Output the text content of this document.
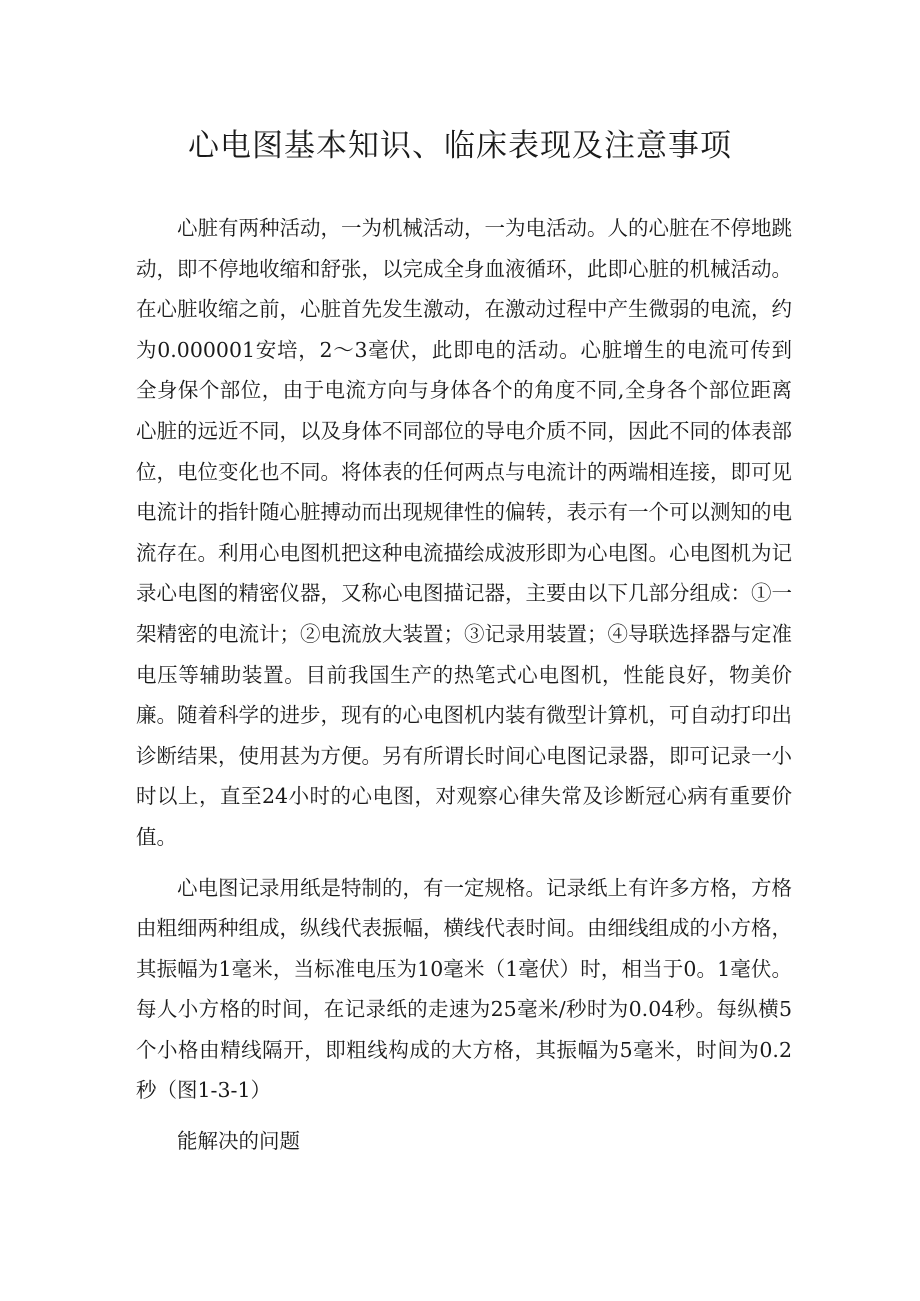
心电图基本知识、临床表现及注意事项

心脏有两种活动，一为机械活动，一为电活动。人的心脏在不停地跳动，即不停地收缩和舒张，以完成全身血液循环，此即心脏的机械活动。在心脏收缩之前，心脏首先发生激动，在激动过程中产生微弱的电流，约为0.000001安培，2〜3毫伏，此即电的活动。心脏增生的电流可传到全身保个部位，由于电流方向与身体各个的角度不同,全身各个部位距离心脏的远近不同，以及身体不同部位的导电介质不同，因此不同的体表部位，电位变化也不同。将体表的任何两点与电流计的两端相连接，即可见电流计的指针随心脏搏动而出现规律性的偏转，表示有一个可以测知的电流存在。利用心电图机把这种电流描绘成波形即为心电图。心电图机为记录心电图的精密仪器，又称心电图描记器，主要由以下几部分组成：①一架精密的电流计；②电流放大装置；③记录用装置；④导联选择器与定准电压等辅助装置。目前我国生产的热笔式心电图机，性能良好，物美价廉。随着科学的进步，现有的心电图机内装有微型计算机，可自动打印出诊断结果，使用甚为方便。另有所谓长时间心电图记录器，即可记录一小时以上，直至24小时的心电图，对观察心律失常及诊断冠心病有重要价值。

心电图记录用纸是特制的，有一定规格。记录纸上有许多方格，方格由粗细两种组成，纵线代表振幅，横线代表时间。由细线组成的小方格，其振幅为1毫米，当标准电压为10毫米（1毫伏）时，相当于0。1毫伏。每人小方格的时间，在记录纸的走速为25毫米/秒时为0.04秒。每纵横5个小格由精线隔开，即粗线构成的大方格，其振幅为5毫米，时间为0.2秒（图1-3-1）

能解决的问题
